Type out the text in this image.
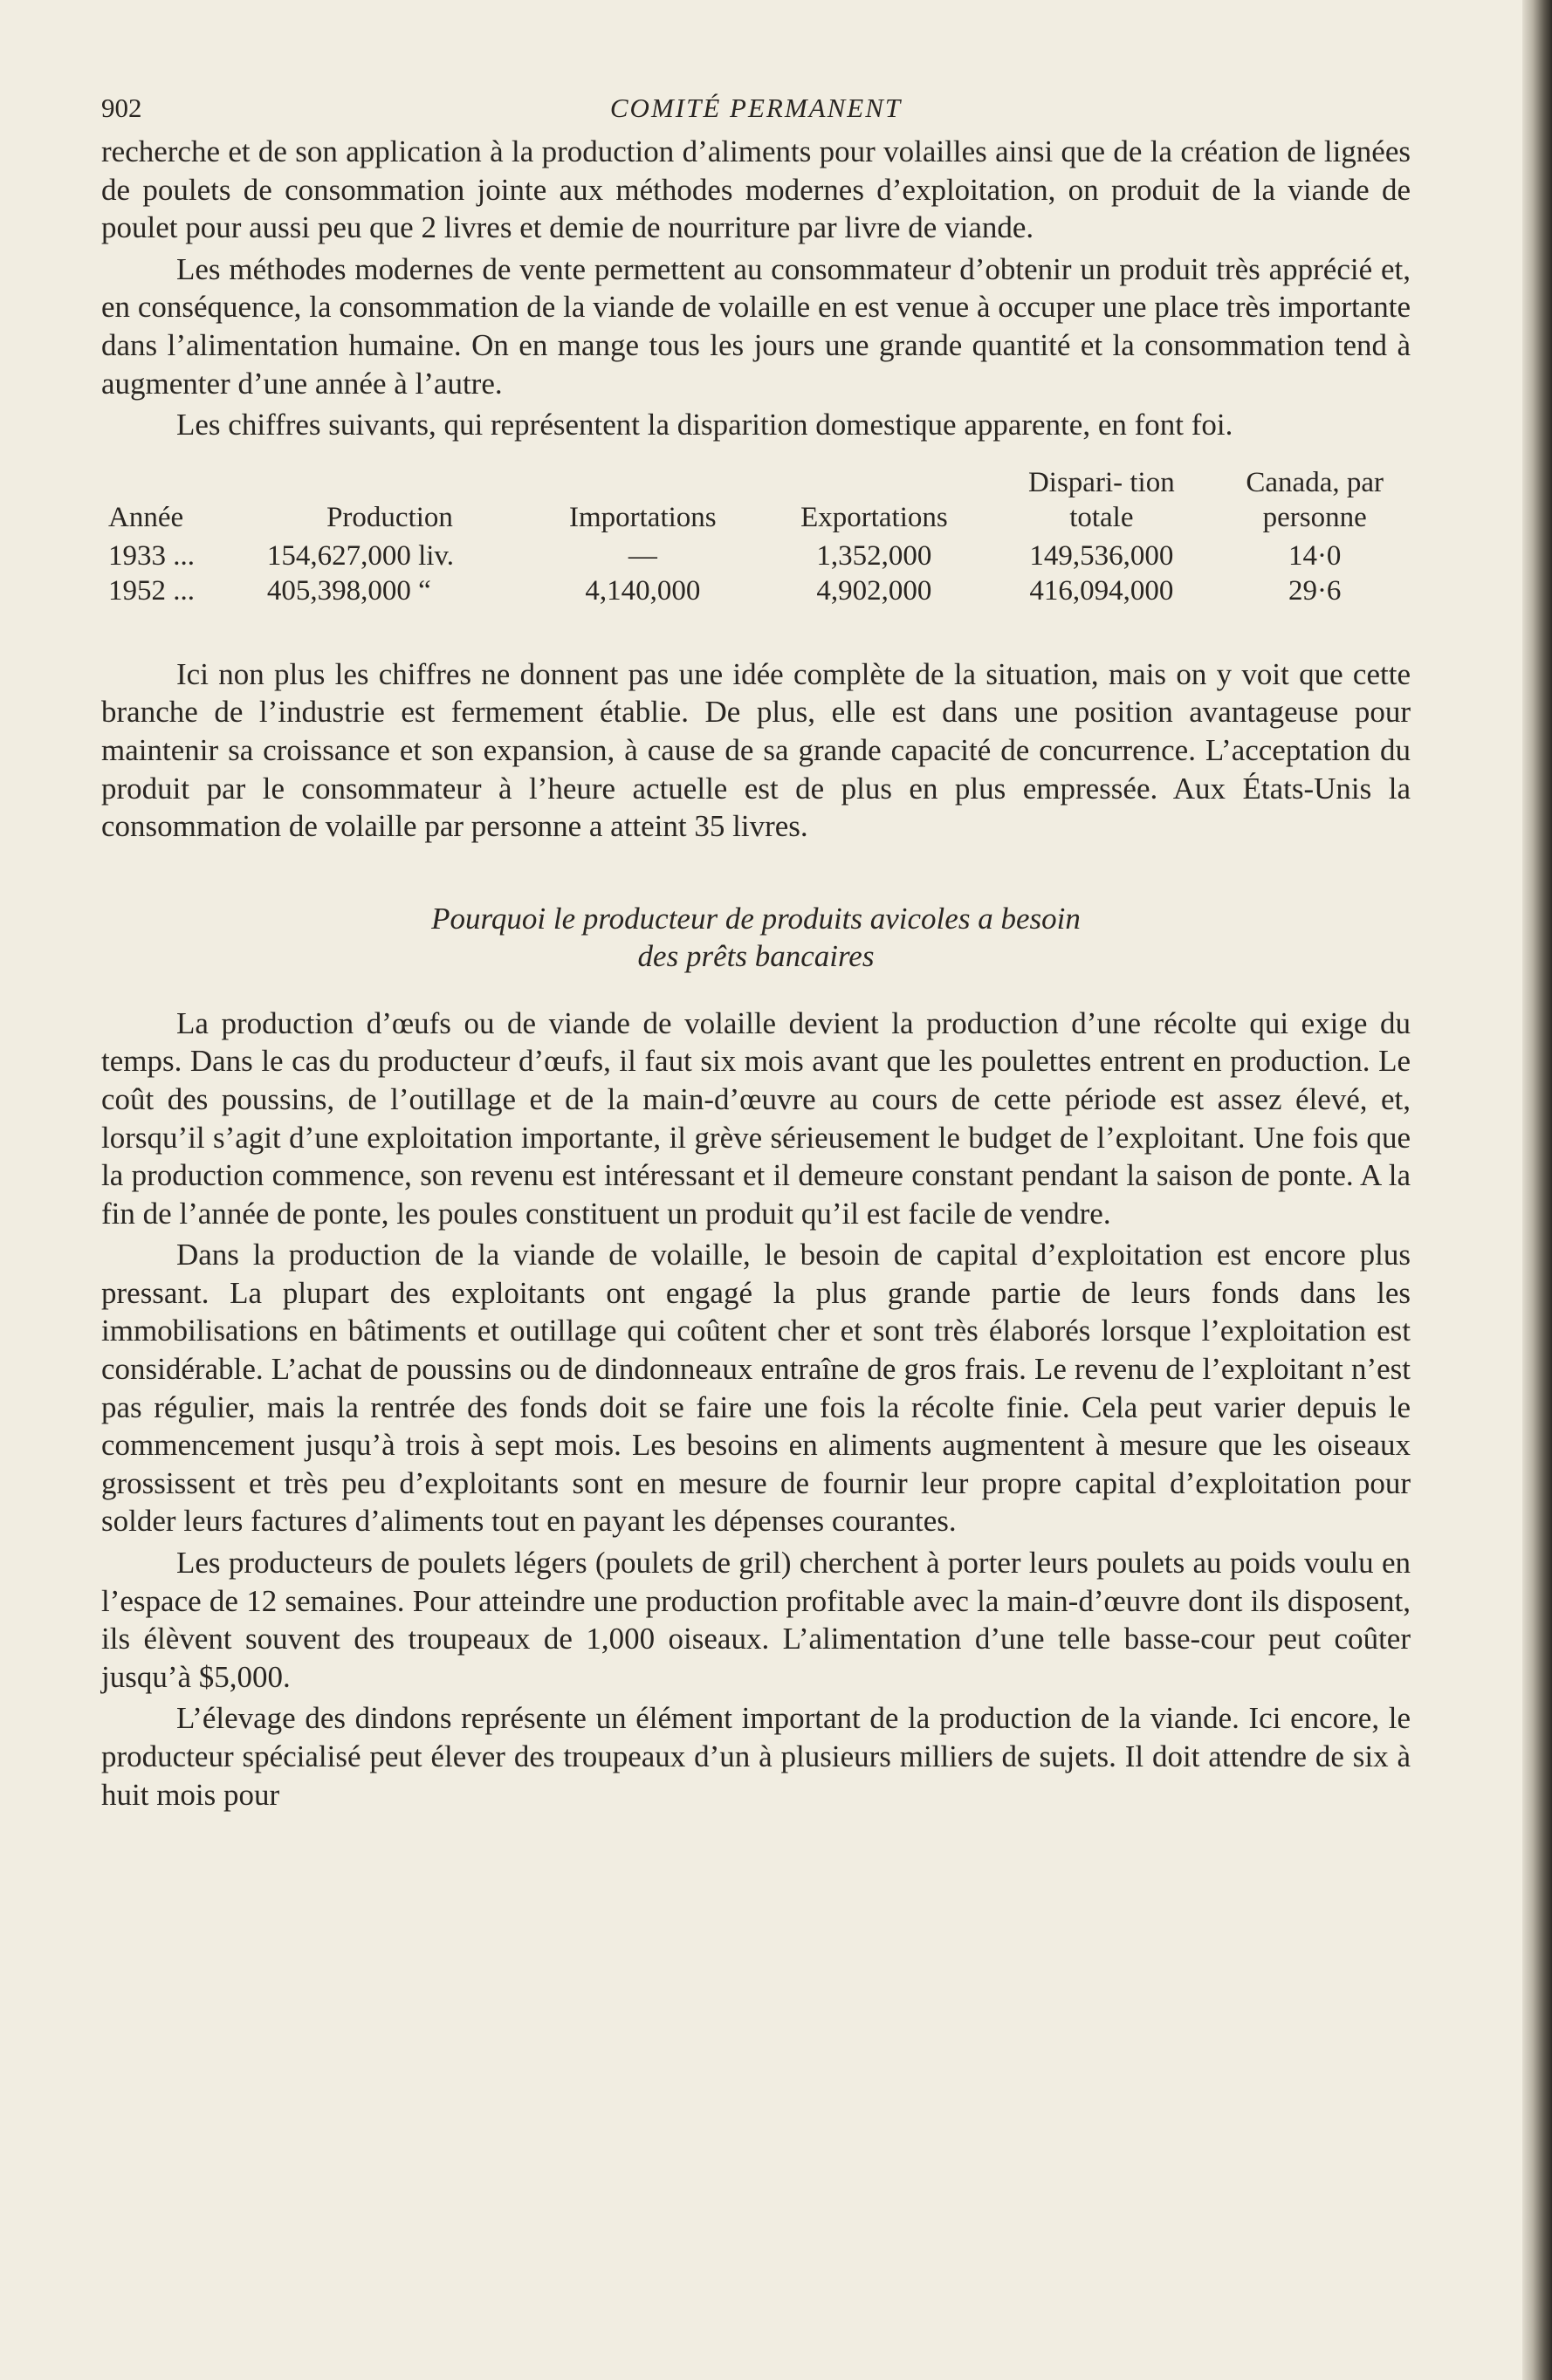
902	COMITÉ PERMANENT

recherche et de son application à la production d’aliments pour volailles ainsi que de la création de lignées de poulets de consommation jointe aux méthodes modernes d’exploitation, on produit de la viande de poulet pour aussi peu que 2 livres et demie de nourriture par livre de viande.

Les méthodes modernes de vente permettent au consommateur d’obtenir un produit très apprécié et, en conséquence, la consommation de la viande de volaille en est venue à occuper une place très importante dans l’alimentation humaine. On en mange tous les jours une grande quantité et la consommation tend à augmenter d’une année à l’autre.

Les chiffres suivants, qui représentent la disparition domestique apparente, en font foi.

Année	Production	Importations	Exportations	Dispari- tion totale	Canada, par personne
1933 ...	154,627,000 liv.	—	1,352,000	149,536,000	14·0
1952 ...	405,398,000 “	4,140,000	4,902,000	416,094,000	29·6

Ici non plus les chiffres ne donnent pas une idée complète de la situation, mais on y voit que cette branche de l’industrie est fermement établie. De plus, elle est dans une position avantageuse pour maintenir sa croissance et son expansion, à cause de sa grande capacité de concurrence. L’acceptation du produit par le consommateur à l’heure actuelle est de plus en plus empressée. Aux États-Unis la consommation de volaille par personne a atteint 35 livres.

Pourquoi le producteur de produits avicoles a besoin
des prêts bancaires

La production d’œufs ou de viande de volaille devient la production d’une récolte qui exige du temps. Dans le cas du producteur d’œufs, il faut six mois avant que les poulettes entrent en production. Le coût des poussins, de l’outillage et de la main-d’œuvre au cours de cette période est assez élevé, et, lorsqu’il s’agit d’une exploitation importante, il grève sérieusement le budget de l’exploitant. Une fois que la production commence, son revenu est intéressant et il demeure constant pendant la saison de ponte. A la fin de l’année de ponte, les poules constituent un produit qu’il est facile de vendre.

Dans la production de la viande de volaille, le besoin de capital d’exploitation est encore plus pressant. La plupart des exploitants ont engagé la plus grande partie de leurs fonds dans les immobilisations en bâtiments et outillage qui coûtent cher et sont très élaborés lorsque l’exploitation est considérable. L’achat de poussins ou de dindonneaux entraîne de gros frais. Le revenu de l’exploitant n’est pas régulier, mais la rentrée des fonds doit se faire une fois la récolte finie. Cela peut varier depuis le commencement jusqu’à trois à sept mois. Les besoins en aliments augmentent à mesure que les oiseaux grossissent et très peu d’exploitants sont en mesure de fournir leur propre capital d’exploitation pour solder leurs factures d’aliments tout en payant les dépenses courantes.

Les producteurs de poulets légers (poulets de gril) cherchent à porter leurs poulets au poids voulu en l’espace de 12 semaines. Pour atteindre une production profitable avec la main-d’œuvre dont ils disposent, ils élèvent souvent des troupeaux de 1,000 oiseaux. L’alimentation d’une telle basse-cour peut coûter jusqu’à $5,000.

L’élevage des dindons représente un élément important de la production de la viande. Ici encore, le producteur spécialisé peut élever des troupeaux d’un à plusieurs milliers de sujets. Il doit attendre de six à huit mois pour
